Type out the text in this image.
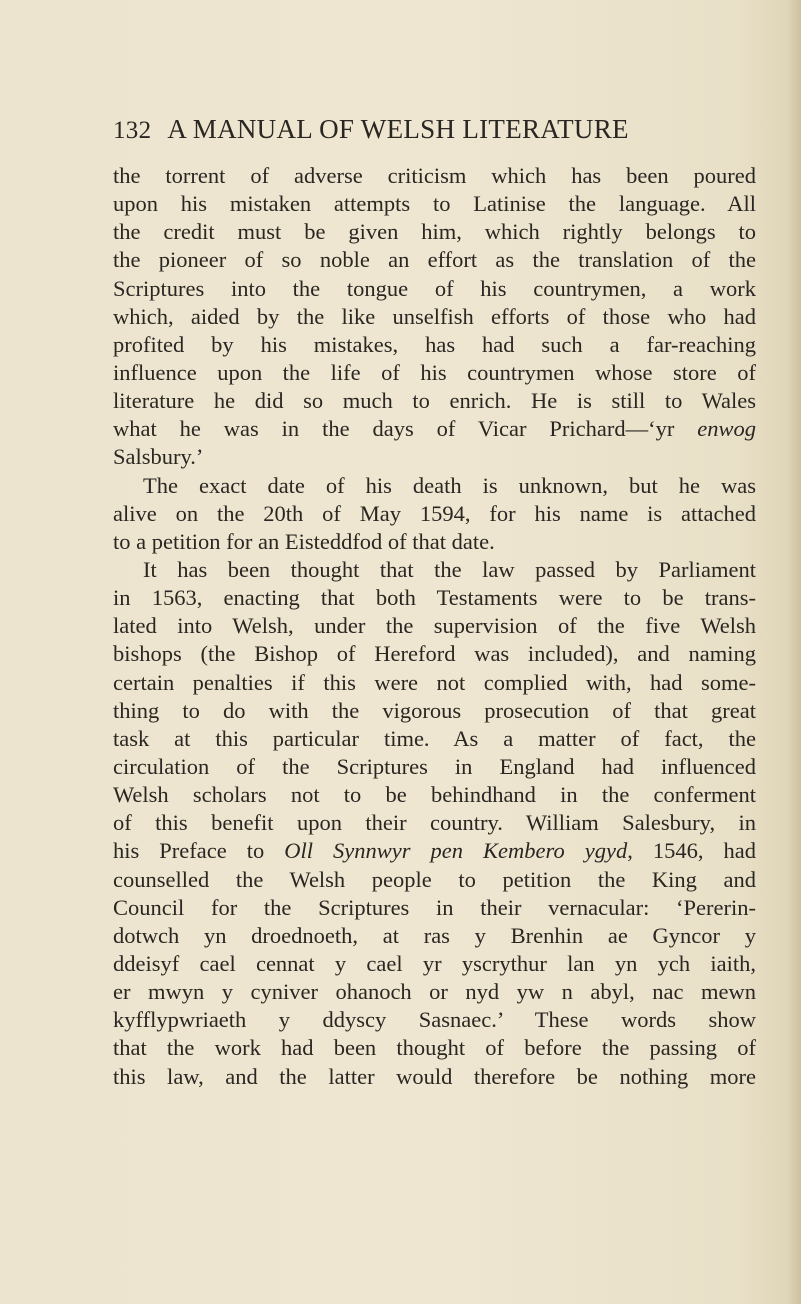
132 A MANUAL OF WELSH LITERATURE
the torrent of adverse criticism which has been poured
upon his mistaken attempts to Latinise the language. All
the credit must be given him, which rightly belongs to
the pioneer of so noble an effort as the translation of the
Scriptures into the tongue of his countrymen, a work
which, aided by the like unselfish efforts of those who had
profited by his mistakes, has had such a far-reaching
influence upon the life of his countrymen whose store of
literature he did so much to enrich. He is still to Wales
what he was in the days of Vicar Prichard—‘yr enwog
Salsbury.’
The exact date of his death is unknown, but he was
alive on the 20th of May 1594, for his name is attached
to a petition for an Eisteddfod of that date.
It has been thought that the law passed by Parliament
in 1563, enacting that both Testaments were to be trans-
lated into Welsh, under the supervision of the five Welsh
bishops (the Bishop of Hereford was included), and naming
certain penalties if this were not complied with, had some-
thing to do with the vigorous prosecution of that great
task at this particular time. As a matter of fact, the
circulation of the Scriptures in England had influenced
Welsh scholars not to be behindhand in the conferment
of this benefit upon their country. William Salesbury, in
his Preface to Oll Synnwyr pen Kembero ygyd, 1546, had
counselled the Welsh people to petition the King and
Council for the Scriptures in their vernacular: ‘Pererin-
dotwch yn droednoeth, at ras y Brenhin ae Gyncor y
ddeisyf cael cennat y cael yr yscrythur lan yn ych iaith,
er mwyn y cyniver ohanoch or nyd yw n abyl, nac mewn
kyfflypwriaeth y ddyscy Sasnaec.’ These words show
that the work had been thought of before the passing of
this law, and the latter would therefore be nothing more
